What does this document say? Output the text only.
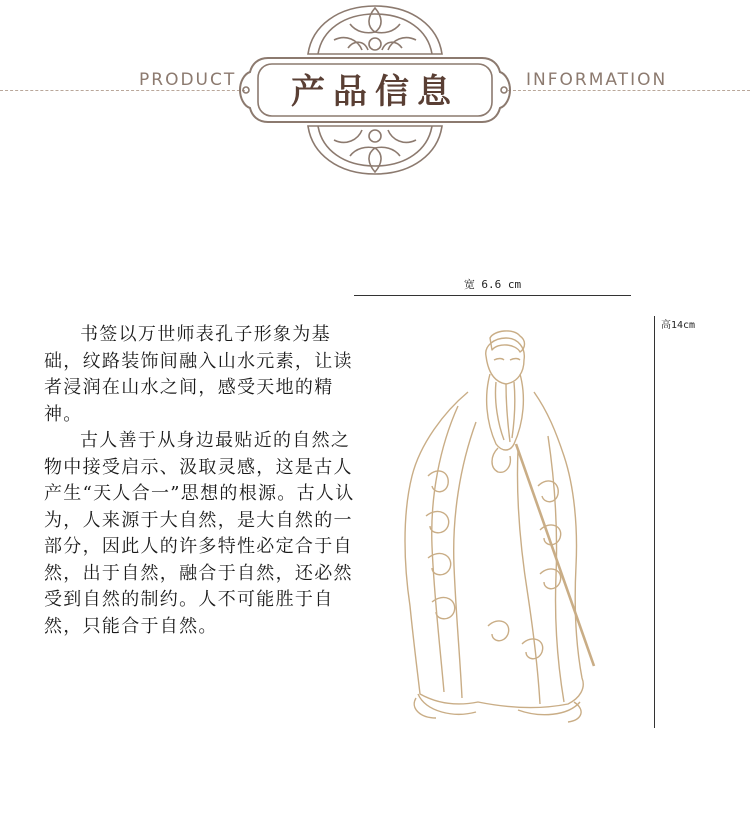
PRODUCT	INFORMATION
产品信息
宽 6.6 cm
高14cm

书签以万世师表孔子形象为基础，纹路装饰间融入山水元素，让读者浸润在山水之间，感受天地的精神。

古人善于从身边最贴近的自然之物中接受启示、汲取灵感，这是古人产生“天人合一”思想的根源。古人认为，人来源于大自然，是大自然的一部分，因此人的许多特性必定合于自然，出于自然，融合于自然，还必然受到自然的制约。人不可能胜于自然，只能合于自然。
